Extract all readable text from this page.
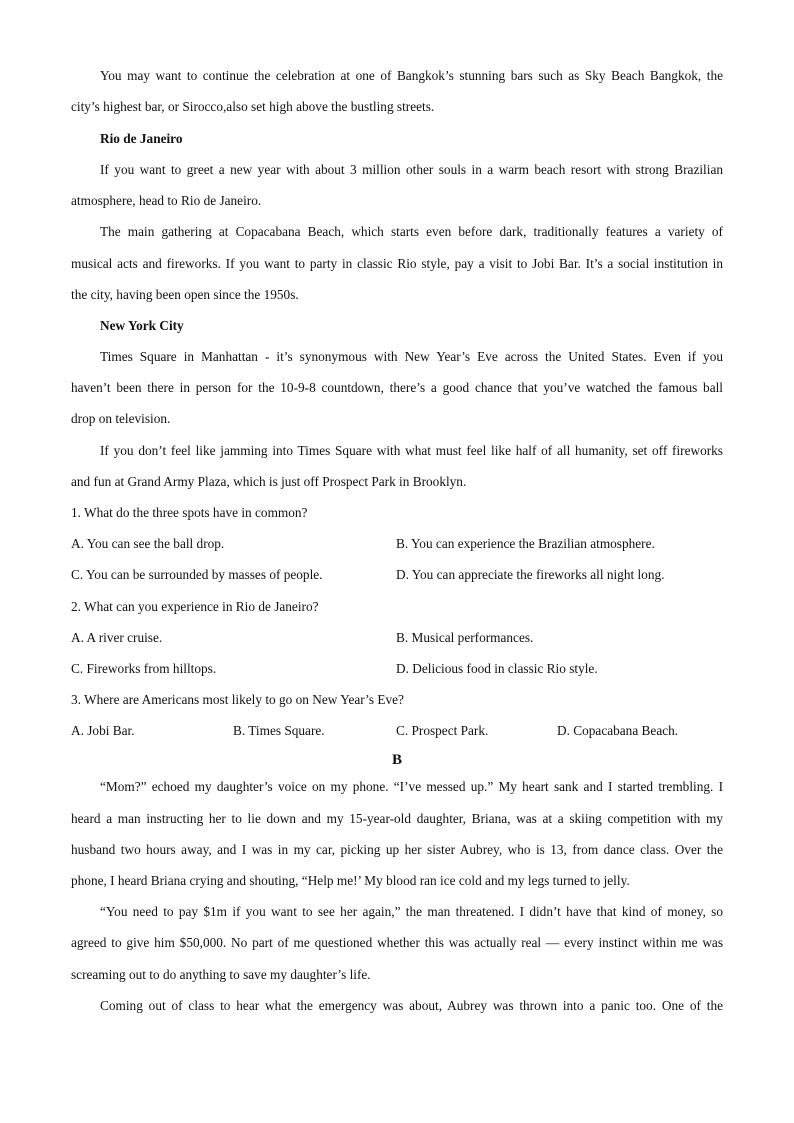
You may want to continue the celebration at one of Bangkok’s stunning bars such as Sky Beach Bangkok, the
city’s highest bar, or Sirocco,also set high above the bustling streets.
Rio de Janeiro
If you want to greet a new year with about 3 million other souls in a warm beach resort with strong Brazilian
atmosphere, head to Rio de Janeiro.
The main gathering at Copacabana Beach, which starts even before dark, traditionally features a variety of
musical acts and fireworks. If you want to party in classic Rio style, pay a visit to Jobi Bar. It’s a social institution in
the city, having been open since the 1950s.
New York City
Times Square in Manhattan - it’s synonymous with New Year’s Eve across the United States. Even if you
haven’t been there in person for the 10-9-8 countdown, there’s a good chance that you’ve watched the famous ball
drop on television.
If you don’t feel like jamming into Times Square with what must feel like half of all humanity, set off fireworks
and fun at Grand Army Plaza, which is just off Prospect Park in Brooklyn.
1. What do the three spots have in common?
A. You can see the ball drop.	B. You can experience the Brazilian atmosphere.
C. You can be surrounded by masses of people.	D. You can appreciate the fireworks all night long.
2. What can you experience in Rio de Janeiro?
A. A river cruise.	B. Musical performances.
C. Fireworks from hilltops.	D. Delicious food in classic Rio style.
3. Where are Americans most likely to go on New Year’s Eve?
A. Jobi Bar.	B. Times Square.	C. Prospect Park.	D. Copacabana Beach.
B
“Mom?” echoed my daughter’s voice on my phone. “I’ve messed up.” My heart sank and I started trembling. I
heard a man instructing her to lie down and my 15-year-old daughter, Briana, was at a skiing competition with my
husband two hours away, and I was in my car, picking up her sister Aubrey, who is 13, from dance class. Over the
phone, I heard Briana crying and shouting, “Help me!’ My blood ran ice cold and my legs turned to jelly.
“You need to pay $1m if you want to see her again,” the man threatened. I didn’t have that kind of money, so
agreed to give him $50,000. No part of me questioned whether this was actually real — every instinct within me was
screaming out to do anything to save my daughter’s life.
Coming out of class to hear what the emergency was about, Aubrey was thrown into a panic too. One of the
